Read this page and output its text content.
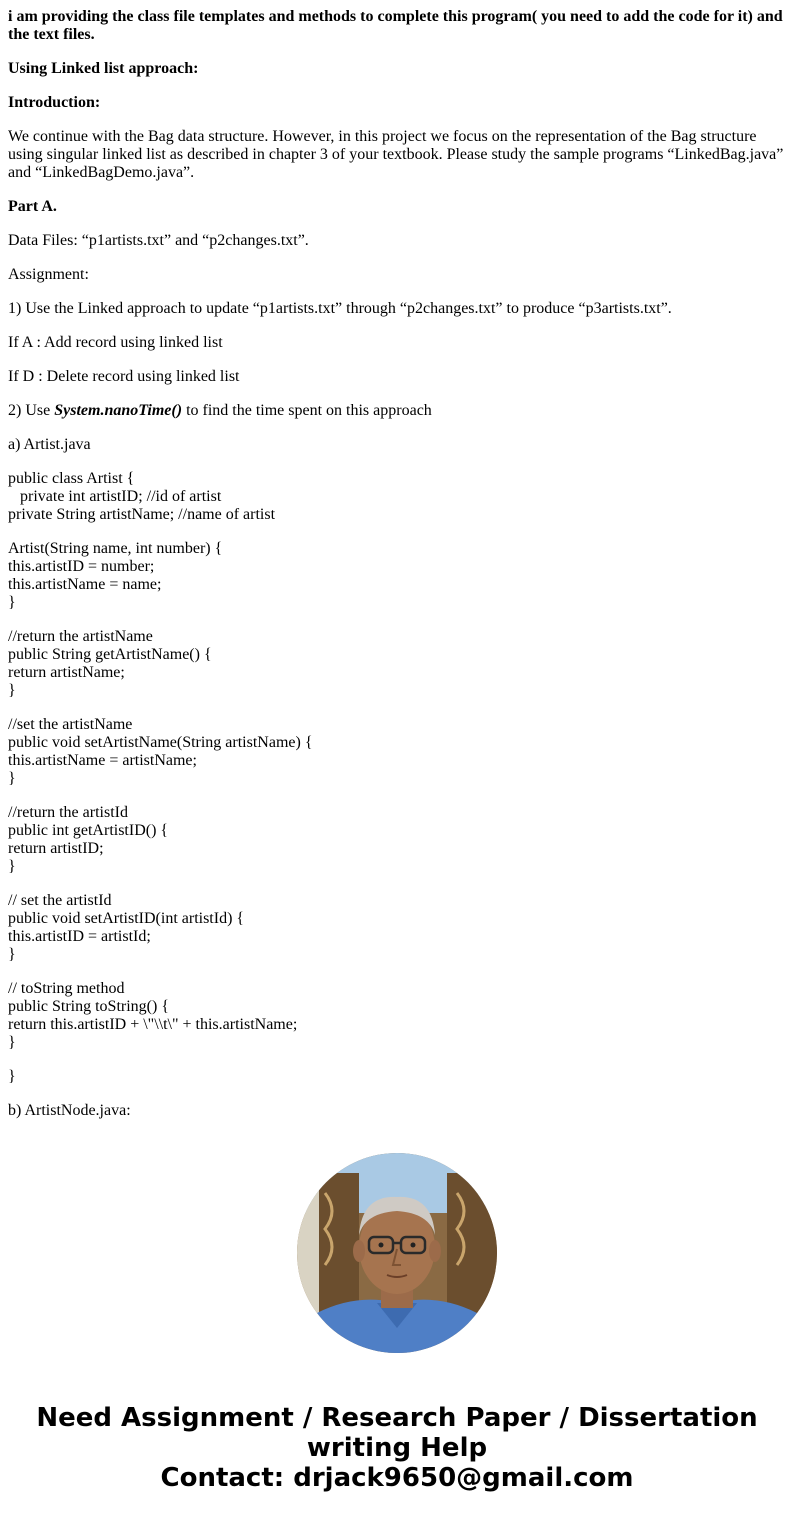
i am providing the class file templates and methods to complete this program( you need to add the code for it) and the text files.

Using Linked list approach:

Introduction:

We continue with the Bag data structure. However, in this project we focus on the representation of the Bag structure using singular linked list as described in chapter 3 of your textbook. Please study the sample programs “LinkedBag.java” and “LinkedBagDemo.java”.

Part A.

Data Files: “p1artists.txt” and “p2changes.txt”.

Assignment:

1) Use the Linked approach to update “p1artists.txt” through “p2changes.txt” to produce “p3artists.txt”.

If A : Add record using linked list

If D : Delete record using linked list

2) Use System.nanoTime() to find the time spent on this approach

a) Artist.java

public class Artist {
private int artistID; //id of artist
private String artistName; //name of artist
Artist(String name, int number) {
this.artistID = number;
this.artistName = name;
}
//return the artistName
public String getArtistName() {
return artistName;
}
//set the artistName
public void setArtistName(String artistName) {
this.artistName = artistName;
}
//return the artistId
public int getArtistID() {
return artistID;
}
// set the artistId
public void setArtistID(int artistId) {
this.artistID = artistId;
}
// toString method
public String toString() {
return this.artistID + \"\\t\" + this.artistName;
}
}

b) ArtistNode.java:

Need Assignment / Research Paper / Dissertation
writing Help
Contact: drjack9650@gmail.com
